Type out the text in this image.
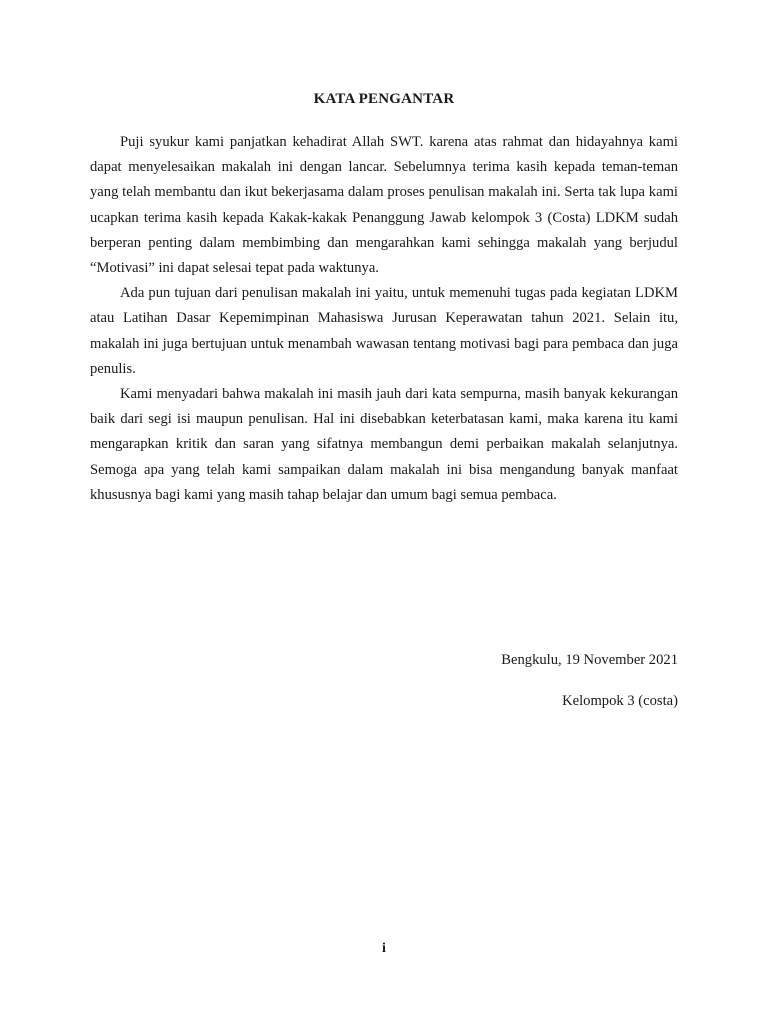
KATA PENGANTAR

Puji syukur kami panjatkan kehadirat Allah SWT. karena atas rahmat dan hidayahnya kami dapat menyelesaikan makalah ini dengan lancar. Sebelumnya terima kasih kepada teman-teman yang telah membantu dan ikut bekerjasama dalam proses penulisan makalah ini. Serta tak lupa kami ucapkan terima kasih kepada Kakak-kakak Penanggung Jawab kelompok 3 (Costa) LDKM sudah berperan penting dalam membimbing dan mengarahkan kami sehingga makalah yang berjudul “Motivasi” ini dapat selesai tepat pada waktunya.

Ada pun tujuan dari penulisan makalah ini yaitu, untuk memenuhi tugas pada kegiatan LDKM atau Latihan Dasar Kepemimpinan Mahasiswa Jurusan Keperawatan tahun 2021. Selain itu, makalah ini juga bertujuan untuk menambah wawasan tentang motivasi bagi para pembaca dan juga penulis.

Kami menyadari bahwa makalah ini masih jauh dari kata sempurna, masih banyak kekurangan baik dari segi isi maupun penulisan. Hal ini disebabkan keterbatasan kami, maka karena itu kami mengarapkan kritik dan saran yang sifatnya membangun demi perbaikan makalah selanjutnya. Semoga apa yang telah kami sampaikan dalam makalah ini bisa mengandung banyak manfaat khususnya bagi kami yang masih tahap belajar dan umum bagi semua pembaca.

Bengkulu, 19 November 2021

Kelompok 3 (costa)

i
